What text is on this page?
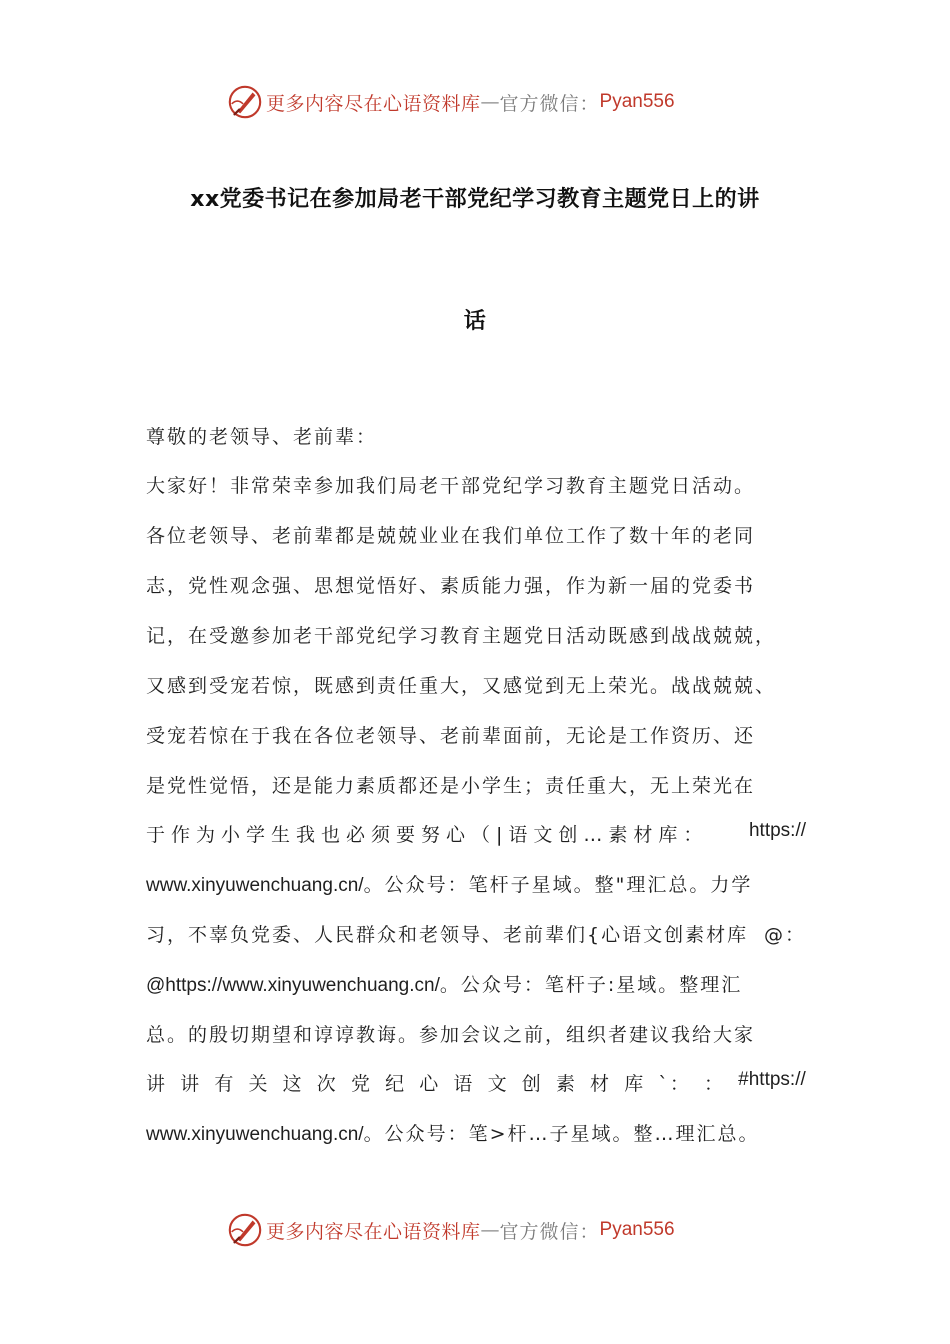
更多内容尽在心语资料库 — 官方微信： Pyan556
xx党委书记在参加局老干部党纪学习教育主题党日上的讲
话
尊敬的老领导、老前辈：
大家好！非常荣幸参加我们局老干部党纪学习教育主题党日活动。
各位老领导、老前辈都是兢兢业业在我们单位工作了数十年的老同
志，党性观念强、思想觉悟好、素质能力强，作为新一届的党委书
记，在受邀参加老干部党纪学习教育主题党日活动既感到战战兢兢，
又感到受宠若惊，既感到责任重大，又感觉到无上荣光。战战兢兢、
受宠若惊在于我在各位老领导、老前辈面前，无论是工作资历、还
是党性觉悟，还是能力素质都还是小学生；责任重大，无上荣光在
于作为小学生我也必须要努心（|语文创…素材库： https://
www.xinyuwenchuang.cn/。公众号：笔杆子星域。整"理汇总。力学
习，不辜负党委、人民群众和老领导、老前辈们{心语文创素材库 @：
@https://www.xinyuwenchuang.cn/。公众号：笔杆子:星域。整理汇
总。的殷切期望和谆谆教诲。参加会议之前，组织者建议我给大家
讲 讲 有 关 这 次 党 纪 心 语 文 创 素 材 库 `： ： #https://
www.xinyuwenchuang.cn/。公众号：笔>杆…子星域。整…理汇总。
更多内容尽在心语资料库 — 官方微信： Pyan556
